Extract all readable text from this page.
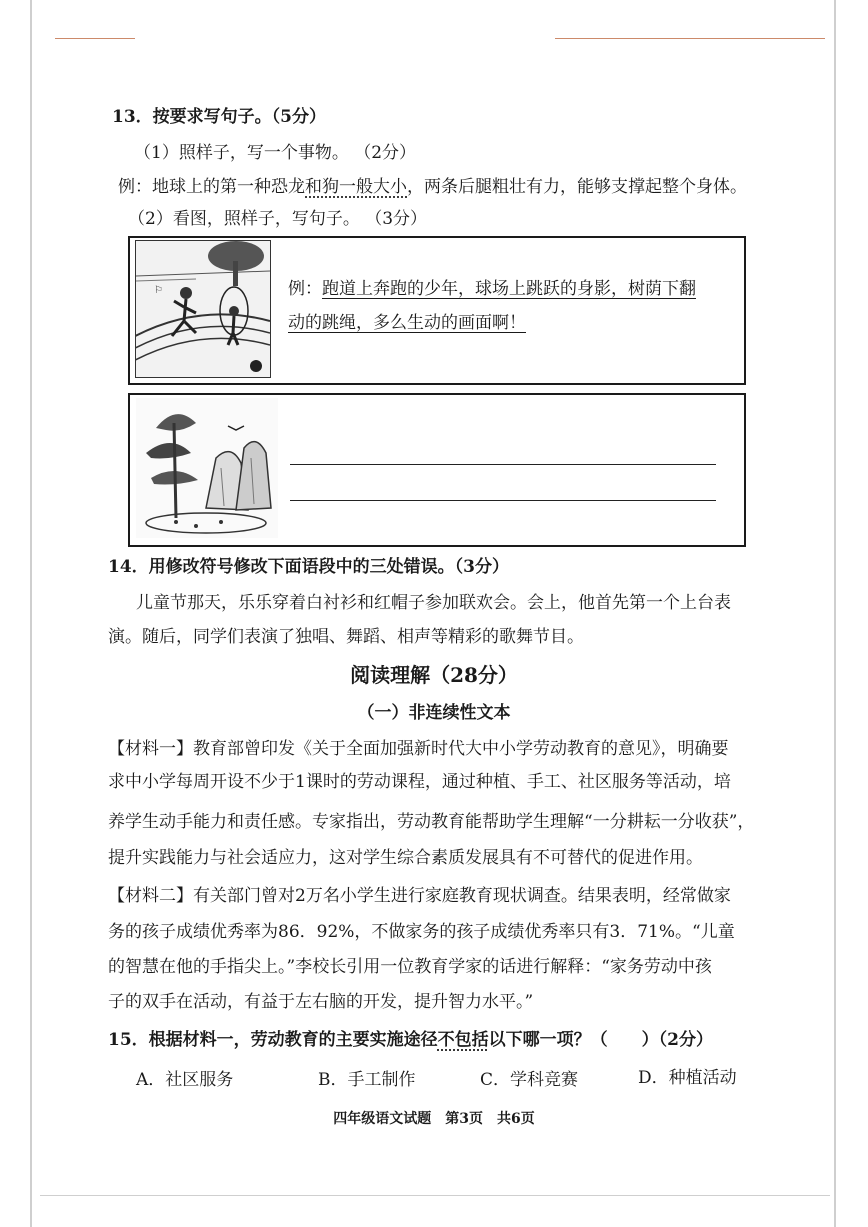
13．按要求写句子。（5分）
（1）照样子，写一个事物。 （2分）
例：地球上的第一种恐龙和狗一般大小，两条后腿粗壮有力，能够支撑起整个身体。
（2）看图，照样子，写句子。 （3分）
⚐	例：跑道上奔跑的少年，球场上跳跃的身影，树荫下翻
动的跳绳，多么生动的画面啊！
14．用修改符号修改下面语段中的三处错误。（3分）
儿童节那天，乐乐穿着白衬衫和红帽子参加联欢会。会上，他首先第一个上台表
演。随后，同学们表演了独唱、舞蹈、相声等精彩的歌舞节目。
阅读理解（28分）
（一）非连续性文本
【材料一】教育部曾印发《关于全面加强新时代大中小学劳动教育的意见》，明确要
求中小学每周开设不少于1课时的劳动课程，通过种植、手工、社区服务等活动，培
养学生动手能力和责任感。专家指出，劳动教育能帮助学生理解“一分耕耘一分收获”，
提升实践能力与社会适应力，这对学生综合素质发展具有不可替代的促进作用。
【材料二】有关部门曾对2万名小学生进行家庭教育现状调查。结果表明，经常做家
务的孩子成绩优秀率为86．92%，不做家务的孩子成绩优秀率只有3．71%。“儿童
的智慧在他的手指尖上。”李校长引用一位教育学家的话进行解释：“家务劳动中孩
子的双手在活动，有益于左右脑的开发，提升智力水平。”
15．根据材料一，劳动教育的主要实施途径不包括以下哪一项？（　　）（2分）
A．社区服务	B．手工制作	C．学科竞赛	D．种植活动
四年级语文试题　第3页　共6页
